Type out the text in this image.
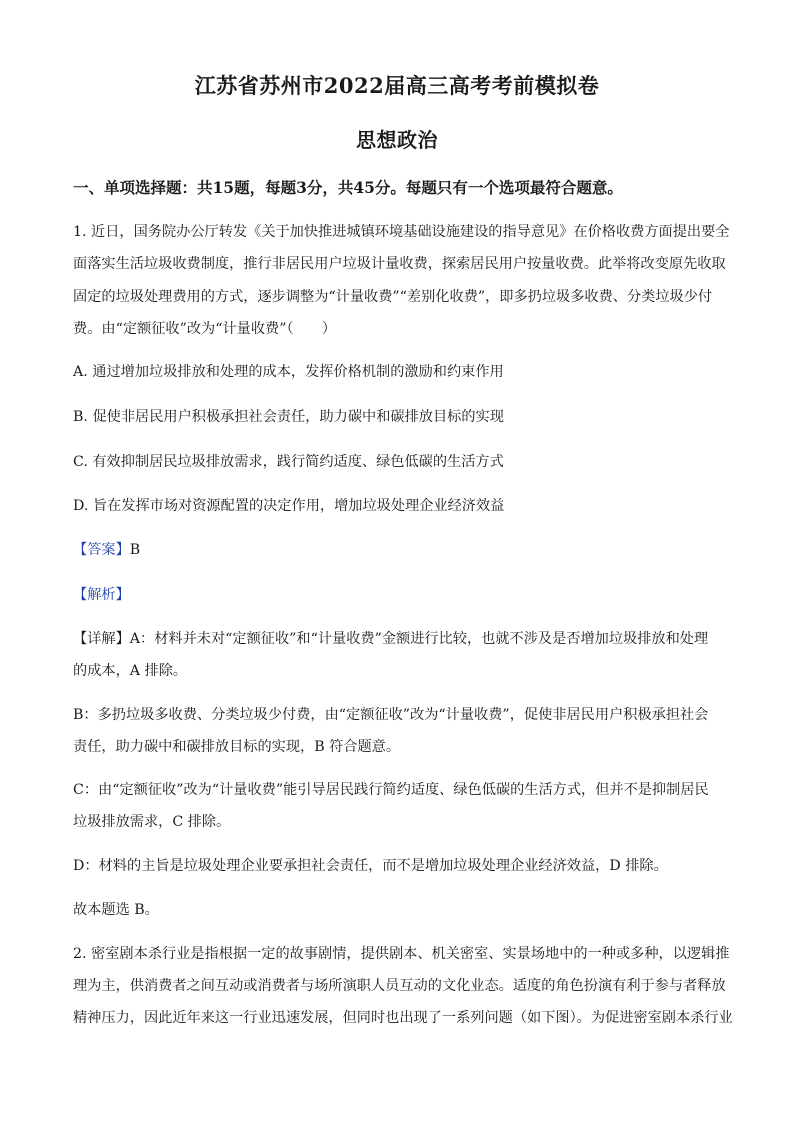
江苏省苏州市2022届高三高考考前模拟卷
思想政治
一、单项选择题：共15题，每题3分，共45分。每题只有一个选项最符合题意。
1. 近日，国务院办公厅转发《关于加快推进城镇环境基础设施建设的指导意见》在价格收费方面提出要全
面落实生活垃圾收费制度，推行非居民用户垃圾计量收费，探索居民用户按量收费。此举将改变原先收取
固定的垃圾处理费用的方式，逐步调整为“计量收费”“差别化收费”，即多扔垃圾多收费、分类垃圾少付
费。由“定额征收”改为“计量收费”（　　）
A. 通过增加垃圾排放和处理的成本，发挥价格机制的激励和约束作用
B. 促使非居民用户积极承担社会责任，助力碳中和碳排放目标的实现
C. 有效抑制居民垃圾排放需求，践行简约适度、绿色低碳的生活方式
D. 旨在发挥市场对资源配置的决定作用，增加垃圾处理企业经济效益
【答案】B
【解析】
【详解】A：材料并未对“定额征收”和“计量收费”金额进行比较，也就不涉及是否增加垃圾排放和处理
的成本，A 排除。
B：多扔垃圾多收费、分类垃圾少付费，由“定额征收”改为“计量收费”，促使非居民用户积极承担社会
责任，助力碳中和碳排放目标的实现，B 符合题意。
C：由“定额征收”改为“计量收费”能引导居民践行简约适度、绿色低碳的生活方式，但并不是抑制居民
垃圾排放需求，C 排除。
D：材料的主旨是垃圾处理企业要承担社会责任，而不是增加垃圾处理企业经济效益，D 排除。
故本题选 B。
2. 密室剧本杀行业是指根据一定的故事剧情，提供剧本、机关密室、实景场地中的一种或多种，以逻辑推
理为主，供消费者之间互动或消费者与场所演职人员互动的文化业态。适度的角色扮演有利于参与者释放
精神压力，因此近年来这一行业迅速发展，但同时也出现了一系列问题（如下图）。为促进密室剧本杀行业
